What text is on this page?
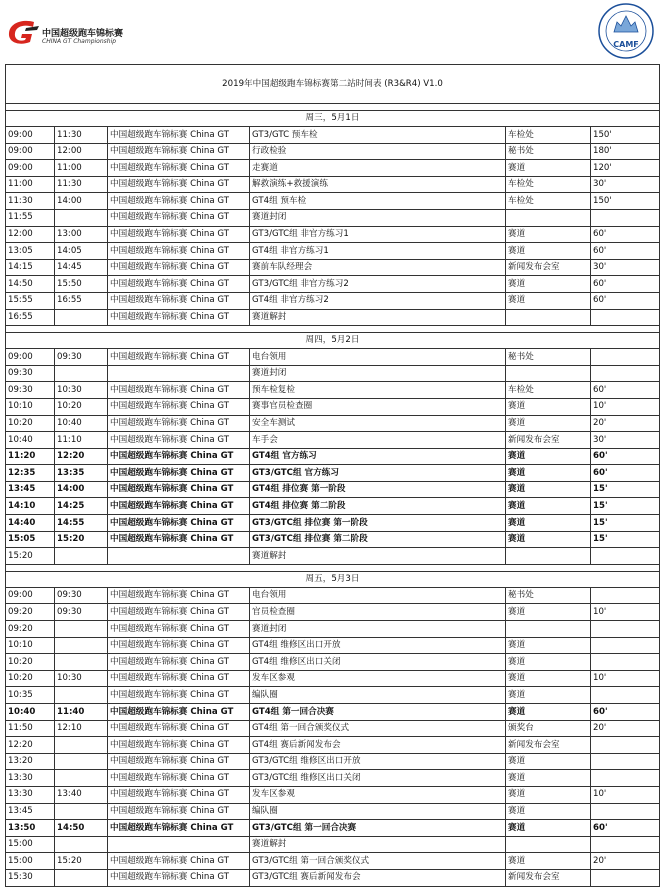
中国超级跑车锦标赛
CHINA GT Championship	CAMF
2019年中国超级跑车锦标赛第二站时间表 (R3&R4) V1.0					

周三，5月1日					
09:00	11:30	中国超级跑车锦标赛 China GT	GT3/GTC 预车检	车检处	150'
09:00	12:00	中国超级跑车锦标赛 China GT	行政检验	秘书处	180'
09:00	11:00	中国超级跑车锦标赛 China GT	走赛道	赛道	120'
11:00	11:30	中国超级跑车锦标赛 China GT	解救演练+救援演练	车检处	30'
11:30	14:00	中国超级跑车锦标赛 China GT	GT4组 预车检	车检处	150'
11:55		中国超级跑车锦标赛 China GT	赛道封闭		
12:00	13:00	中国超级跑车锦标赛 China GT	GT3/GTC组 非官方练习1	赛道	60'
13:05	14:05	中国超级跑车锦标赛 China GT	GT4组 非官方练习1	赛道	60'
14:15	14:45	中国超级跑车锦标赛 China GT	赛前车队经理会	新闻发布会室	30'
14:50	15:50	中国超级跑车锦标赛 China GT	GT3/GTC组 非官方练习2	赛道	60'
15:55	16:55	中国超级跑车锦标赛 China GT	GT4组 非官方练习2	赛道	60'
16:55		中国超级跑车锦标赛 China GT	赛道解封		

周四，5月2日					
09:00	09:30	中国超级跑车锦标赛 China GT	电台领用	秘书处	
09:30			赛道封闭		
09:30	10:30	中国超级跑车锦标赛 China GT	预车检复检	车检处	60'
10:10	10:20	中国超级跑车锦标赛 China GT	赛事官员检查圈	赛道	10'
10:20	10:40	中国超级跑车锦标赛 China GT	安全车测试	赛道	20'
10:40	11:10	中国超级跑车锦标赛 China GT	车手会	新闻发布会室	30'
11:20	12:20	中国超级跑车锦标赛 China GT	GT4组 官方练习	赛道	60'
12:35	13:35	中国超级跑车锦标赛 China GT	GT3/GTC组 官方练习	赛道	60'
13:45	14:00	中国超级跑车锦标赛 China GT	GT4组 排位赛 第一阶段	赛道	15'
14:10	14:25	中国超级跑车锦标赛 China GT	GT4组 排位赛 第二阶段	赛道	15'
14:40	14:55	中国超级跑车锦标赛 China GT	GT3/GTC组 排位赛 第一阶段	赛道	15'
15:05	15:20	中国超级跑车锦标赛 China GT	GT3/GTC组 排位赛 第二阶段	赛道	15'
15:20			赛道解封		

周五，5月3日					
09:00	09:30	中国超级跑车锦标赛 China GT	电台领用	秘书处	
09:20	09:30	中国超级跑车锦标赛 China GT	官员检查圈	赛道	10'
09:20		中国超级跑车锦标赛 China GT	赛道封闭		
10:10		中国超级跑车锦标赛 China GT	GT4组 维修区出口开放	赛道	
10:20		中国超级跑车锦标赛 China GT	GT4组 维修区出口关闭	赛道	
10:20	10:30	中国超级跑车锦标赛 China GT	发车区参观	赛道	10'
10:35		中国超级跑车锦标赛 China GT	编队圈	赛道	
10:40	11:40	中国超级跑车锦标赛 China GT	GT4组 第一回合决赛	赛道	60'
11:50	12:10	中国超级跑车锦标赛 China GT	GT4组 第一回合颁奖仪式	颁奖台	20'
12:20		中国超级跑车锦标赛 China GT	GT4组 赛后新闻发布会	新闻发布会室	
13:20		中国超级跑车锦标赛 China GT	GT3/GTC组 维修区出口开放	赛道	
13:30		中国超级跑车锦标赛 China GT	GT3/GTC组 维修区出口关闭	赛道	
13:30	13:40	中国超级跑车锦标赛 China GT	发车区参观	赛道	10'
13:45		中国超级跑车锦标赛 China GT	编队圈	赛道	
13:50	14:50	中国超级跑车锦标赛 China GT	GT3/GTC组 第一回合决赛	赛道	60'
15:00			赛道解封		
15:00	15:20	中国超级跑车锦标赛 China GT	GT3/GTC组 第一回合颁奖仪式	赛道	20'
15:30		中国超级跑车锦标赛 China GT	GT3/GTC组 赛后新闻发布会	新闻发布会室	
